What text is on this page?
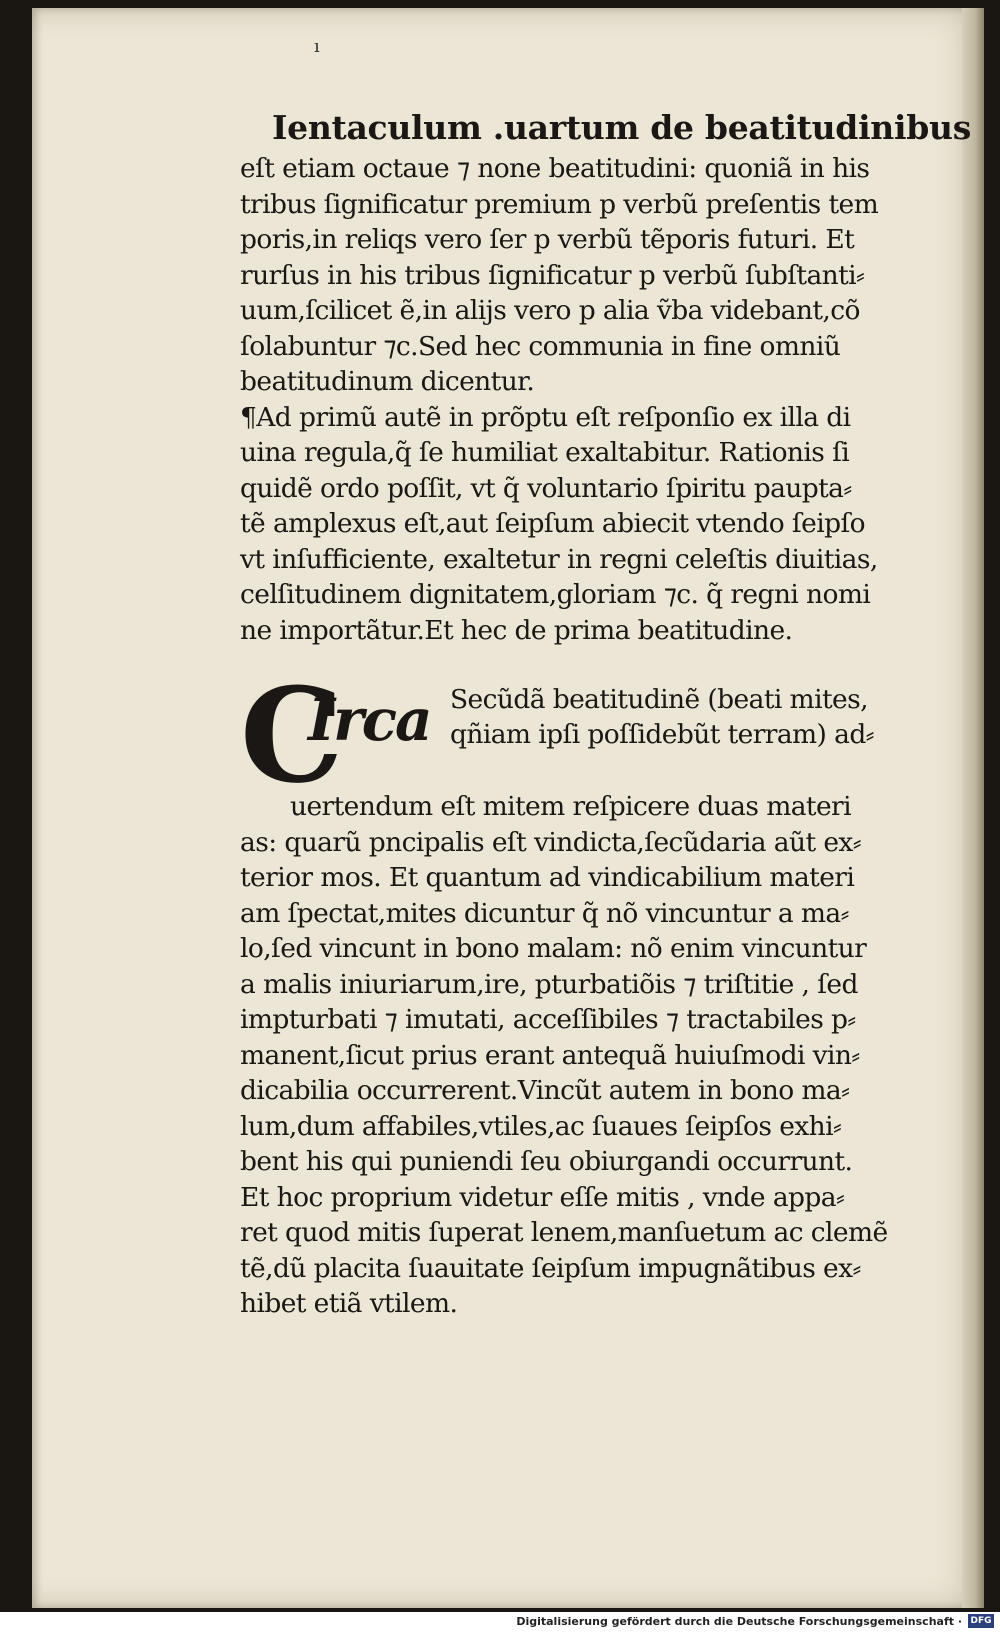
ı
Ientaculum .uartum de beatitudinibus
eſt etiam octaue ⁊ none beatitudini: quoniã in his
tribus ſignificatur premium p verbũ preſentis tem
poris,in reliqs vero ſer p verbũ tẽporis futuri. Et
rurſus in his tribus ſignificatur p verbũ ſubſtanti⸗
uum,ſcilicet ẽ,in alijs vero p alia ṽba videbant,cõ
ſolabuntur ⁊c.Sed hec communia in fine omniũ
beatitudinum dicentur.
¶Ad primũ autẽ in prõptu eſt reſponſio ex illa di
uina regula,q̃ ſe humiliat exaltabitur. Rationis ſi
quidẽ ordo poſſit, vt q̃ voluntario ſpiritu paupta⸗
tẽ amplexus eſt,aut ſeipſum abiecit vtendo ſeipſo
vt inſufficiente, exaltetur in regni celeſtis diuitias,
celſitudinem dignitatem,gloriam ⁊c. q̃ regni nomi
ne importãtur.Et hec de prima beatitudine.
C
Irca Secũdã beatitudinẽ (beati mites,
qñiam ipſi poſſidebũt terram) ad⸗
uertendum eſt mitem reſpicere duas materi
as: quarũ pncipalis eſt vindicta,ſecũdaria aũt ex⸗
terior mos. Et quantum ad vindicabilium materi
am ſpectat,mites dicuntur q̃ nõ vincuntur a ma⸗
lo,ſed vincunt in bono malam: nõ enim vincuntur
a malis iniuriarum,ire, pturbatiõis ⁊ triſtitie , ſed
impturbati ⁊ imutati, acceſſibiles ⁊ tractabiles p⸗
manent,ſicut prius erant antequã huiuſmodi vin⸗
dicabilia occurrerent.Vincũt autem in bono ma⸗
lum,dum affabiles,vtiles,ac ſuaues ſeipſos exhi⸗
bent his qui puniendi ſeu obiurgandi occurrunt.
Et hoc proprium videtur eſſe mitis , vnde appa⸗
ret quod mitis ſuperat lenem,manſuetum ac clemẽ
tẽ,dũ placita ſuauitate ſeipſum impugnãtibus ex⸗
hibet etiã vtilem.
Digitalisierung gefördert durch die Deutsche Forschungsgemeinschaft · DFG
